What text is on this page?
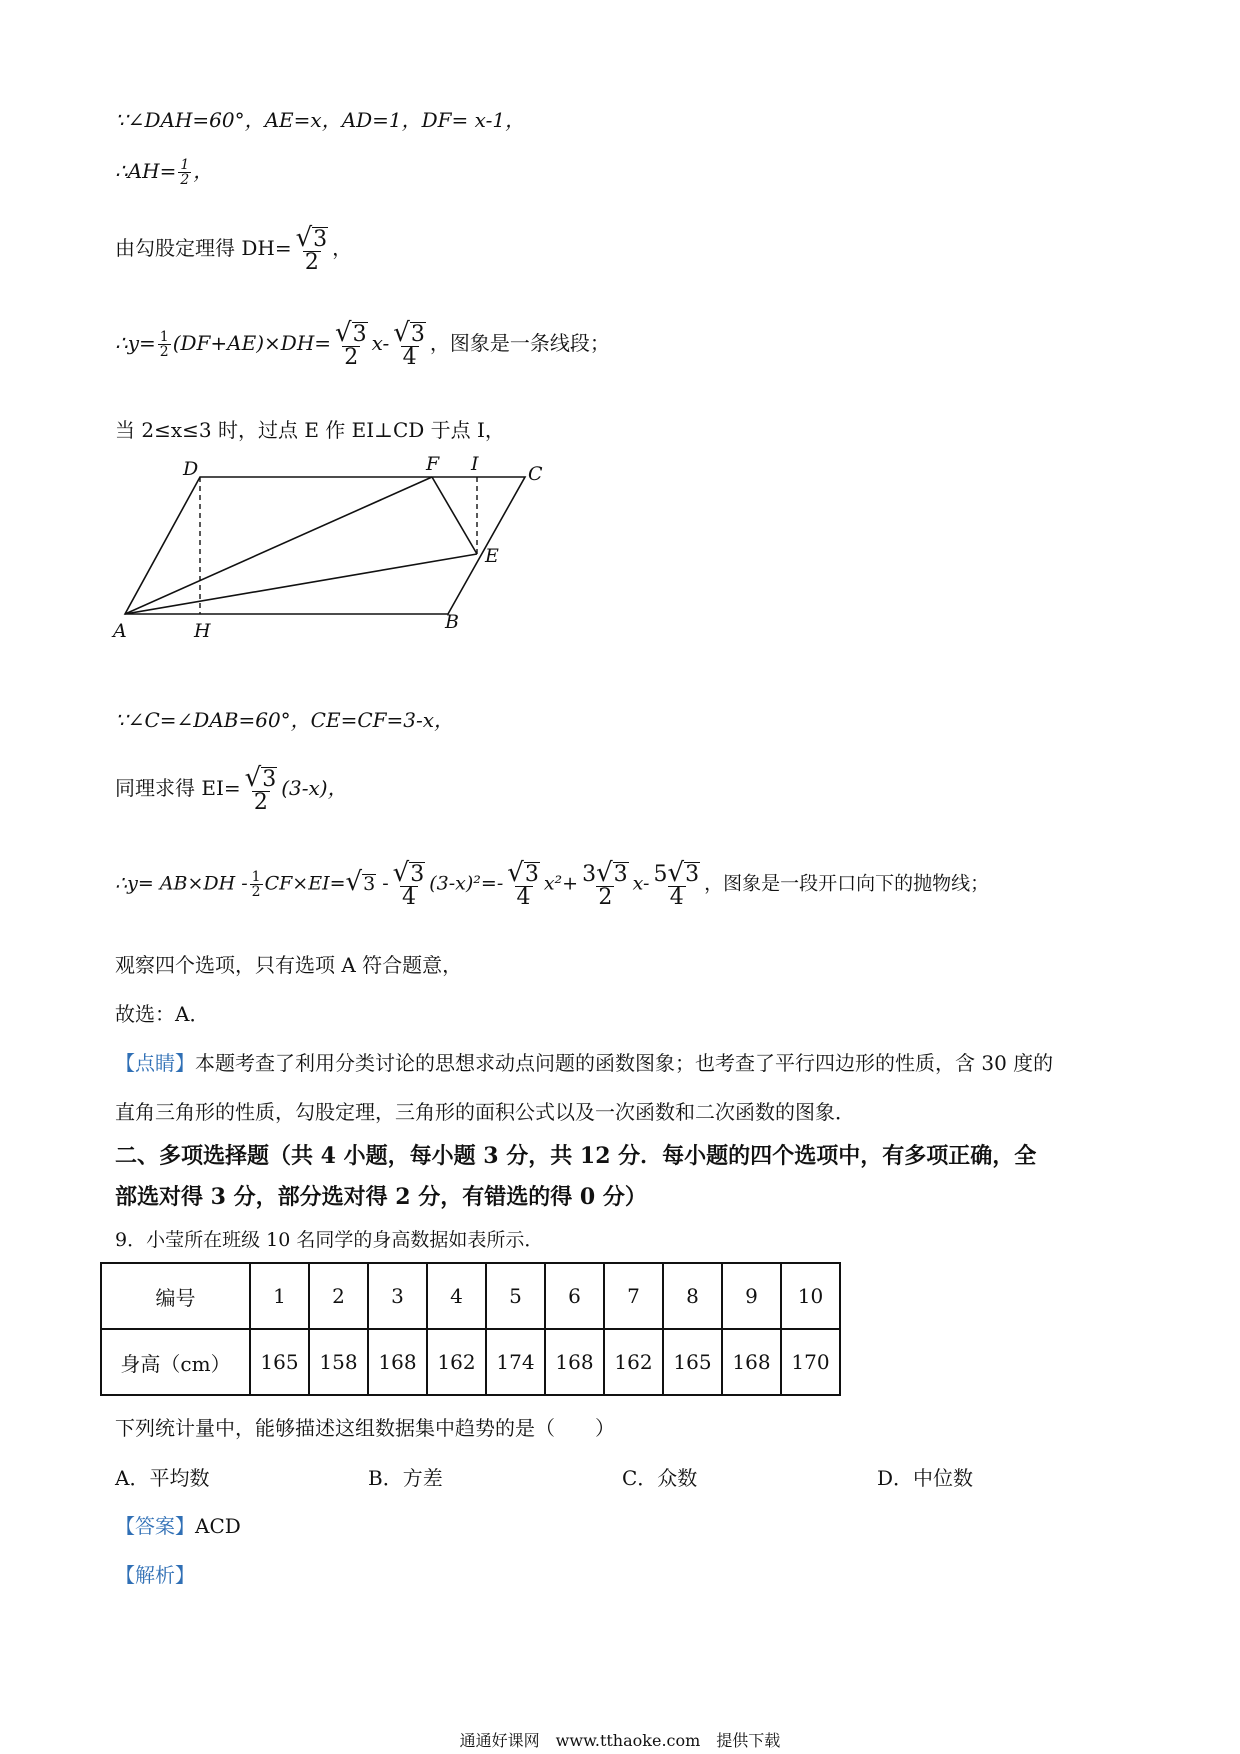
∵∠DAH=60°，AE=x，AD=1，DF= x-1，
∴AH= $\frac{1}{2}$ ，
由勾股定理得 $DH= \frac{√ 3}{2}$ ，
∴y= $\frac{1}{2} (DF+AE)\times DH= \frac{√ 3}{2} x- \frac{√ 3}{4}$ ，图象是一条线段；
当 2≤x≤3 时，过点 E 作 EI⊥CD 于点 I，
D	F I	C
E
A	H	B
∵∠C=∠DAB=60°，CE=CF=3-x，
同理求得 $EI= \frac{√ 3}{2} (3-x)$，
∴y= $AB\times DH - \frac{1}{2} CF\times EI=$ √ $3 - \frac{√ 3}{4} (3-x)^2=- \frac{√ 3}{4} x^2+ \frac{3 √ 3}{2} x- \frac{5 √ 3}{4}$ ，图象是一段开口向下的抛物线；
观察四个选项，只有选项 A 符合题意，
故选：A．
【点睛】本题考查了利用分类讨论的思想求动点问题的函数图象；也考查了平行四边形的性质，含 30 度的
直角三角形的性质，勾股定理，三角形的面积公式以及一次函数和二次函数的图象．
二、多项选择题（共 4 小题，每小题 3 分，共 12 分．每小题的四个选项中，有多项正确，全
部选对得 3 分，部分选对得 2 分，有错选的得 0 分）
9．小莹所在班级 10 名同学的身高数据如表所示．
编号	1	2	3	4	5	6	7	8	9	10
身高（cm）	165	158	168	162	174	168	162	165	168	170
下列统计量中，能够描述这组数据集中趋势的是（　　）
A．平均数	B．方差	C．众数	D．中位数
【答案】ACD
【解析】
通通好课网　www.tthaoke.com　提供下载
